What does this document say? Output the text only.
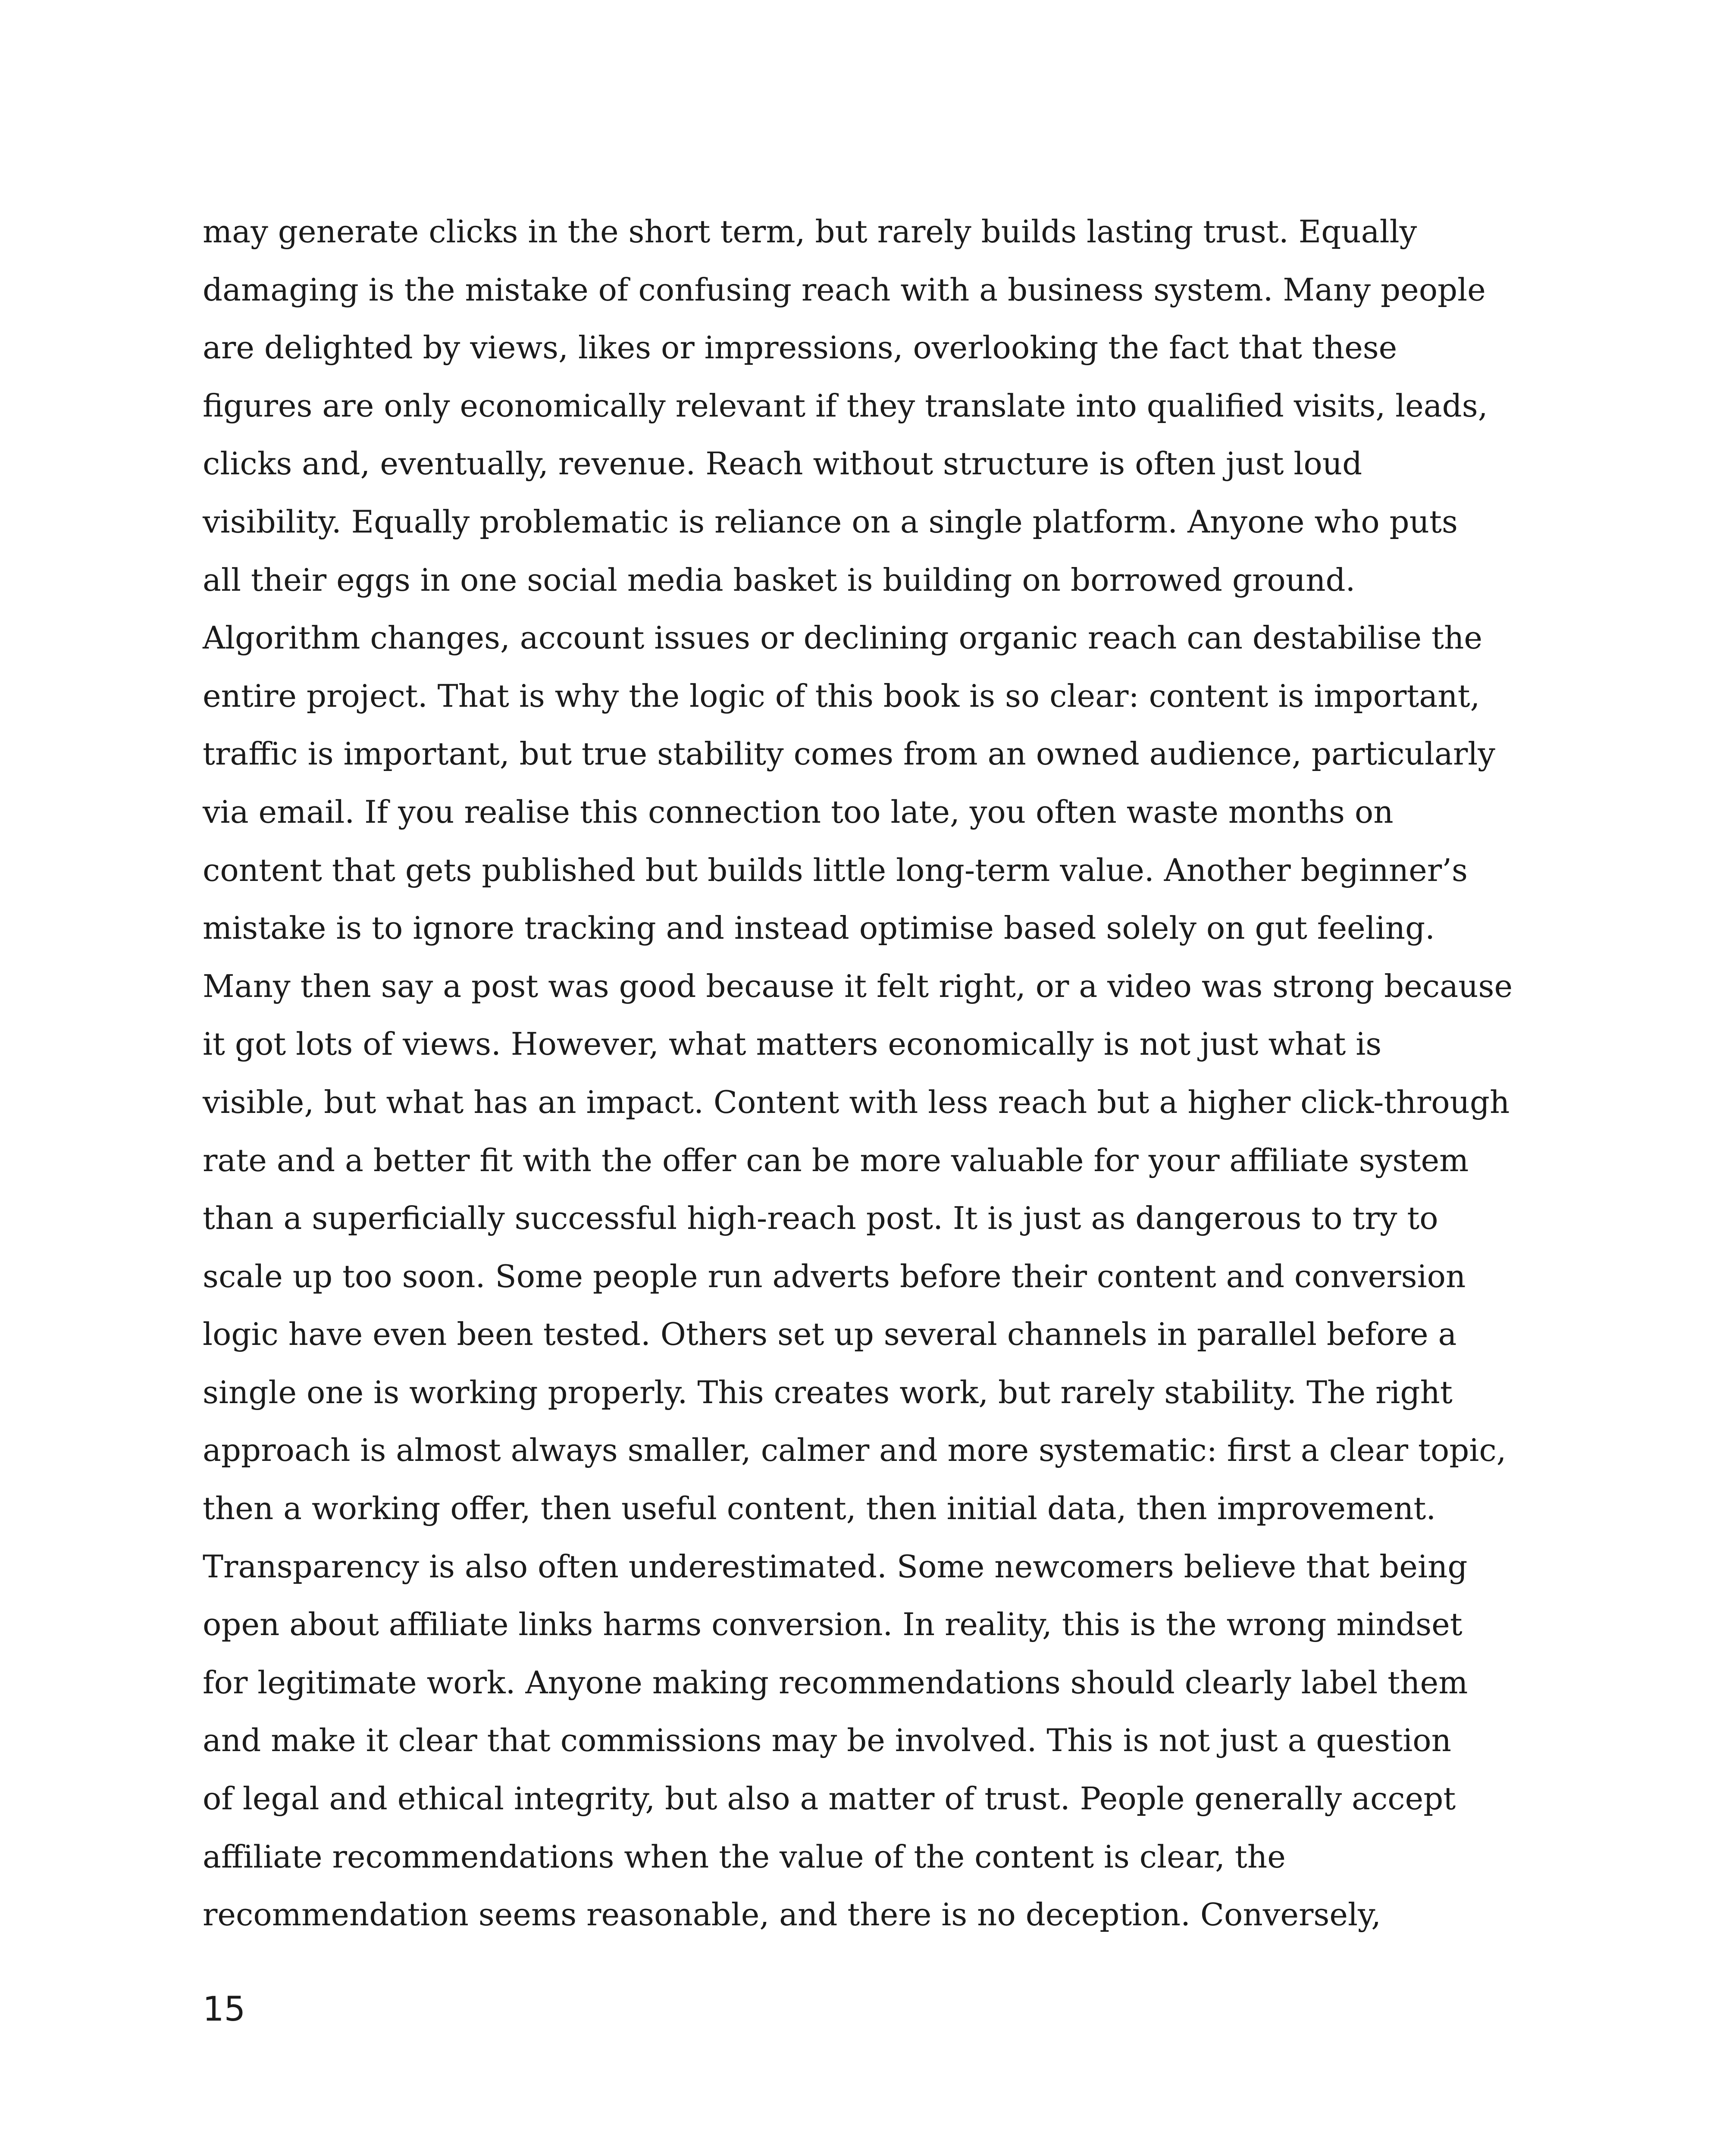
may generate clicks in the short term, but rarely builds lasting trust. Equally
damaging is the mistake of confusing reach with a business system. Many people
are delighted by views, likes or impressions, overlooking the fact that these
figures are only economically relevant if they translate into qualified visits, leads,
clicks and, eventually, revenue. Reach without structure is often just loud
visibility. Equally problematic is reliance on a single platform. Anyone who puts
all their eggs in one social media basket is building on borrowed ground.
Algorithm changes, account issues or declining organic reach can destabilise the
entire project. That is why the logic of this book is so clear: content is important,
traffic is important, but true stability comes from an owned audience, particularly
via email. If you realise this connection too late, you often waste months on
content that gets published but builds little long-term value. Another beginner’s
mistake is to ignore tracking and instead optimise based solely on gut feeling.
Many then say a post was good because it felt right, or a video was strong because
it got lots of views. However, what matters economically is not just what is
visible, but what has an impact. Content with less reach but a higher click-through
rate and a better fit with the offer can be more valuable for your affiliate system
than a superficially successful high-reach post. It is just as dangerous to try to
scale up too soon. Some people run adverts before their content and conversion
logic have even been tested. Others set up several channels in parallel before a
single one is working properly. This creates work, but rarely stability. The right
approach is almost always smaller, calmer and more systematic: first a clear topic,
then a working offer, then useful content, then initial data, then improvement.
Transparency is also often underestimated. Some newcomers believe that being
open about affiliate links harms conversion. In reality, this is the wrong mindset
for legitimate work. Anyone making recommendations should clearly label them
and make it clear that commissions may be involved. This is not just a question
of legal and ethical integrity, but also a matter of trust. People generally accept
affiliate recommendations when the value of the content is clear, the
recommendation seems reasonable, and there is no deception. Conversely,
15
